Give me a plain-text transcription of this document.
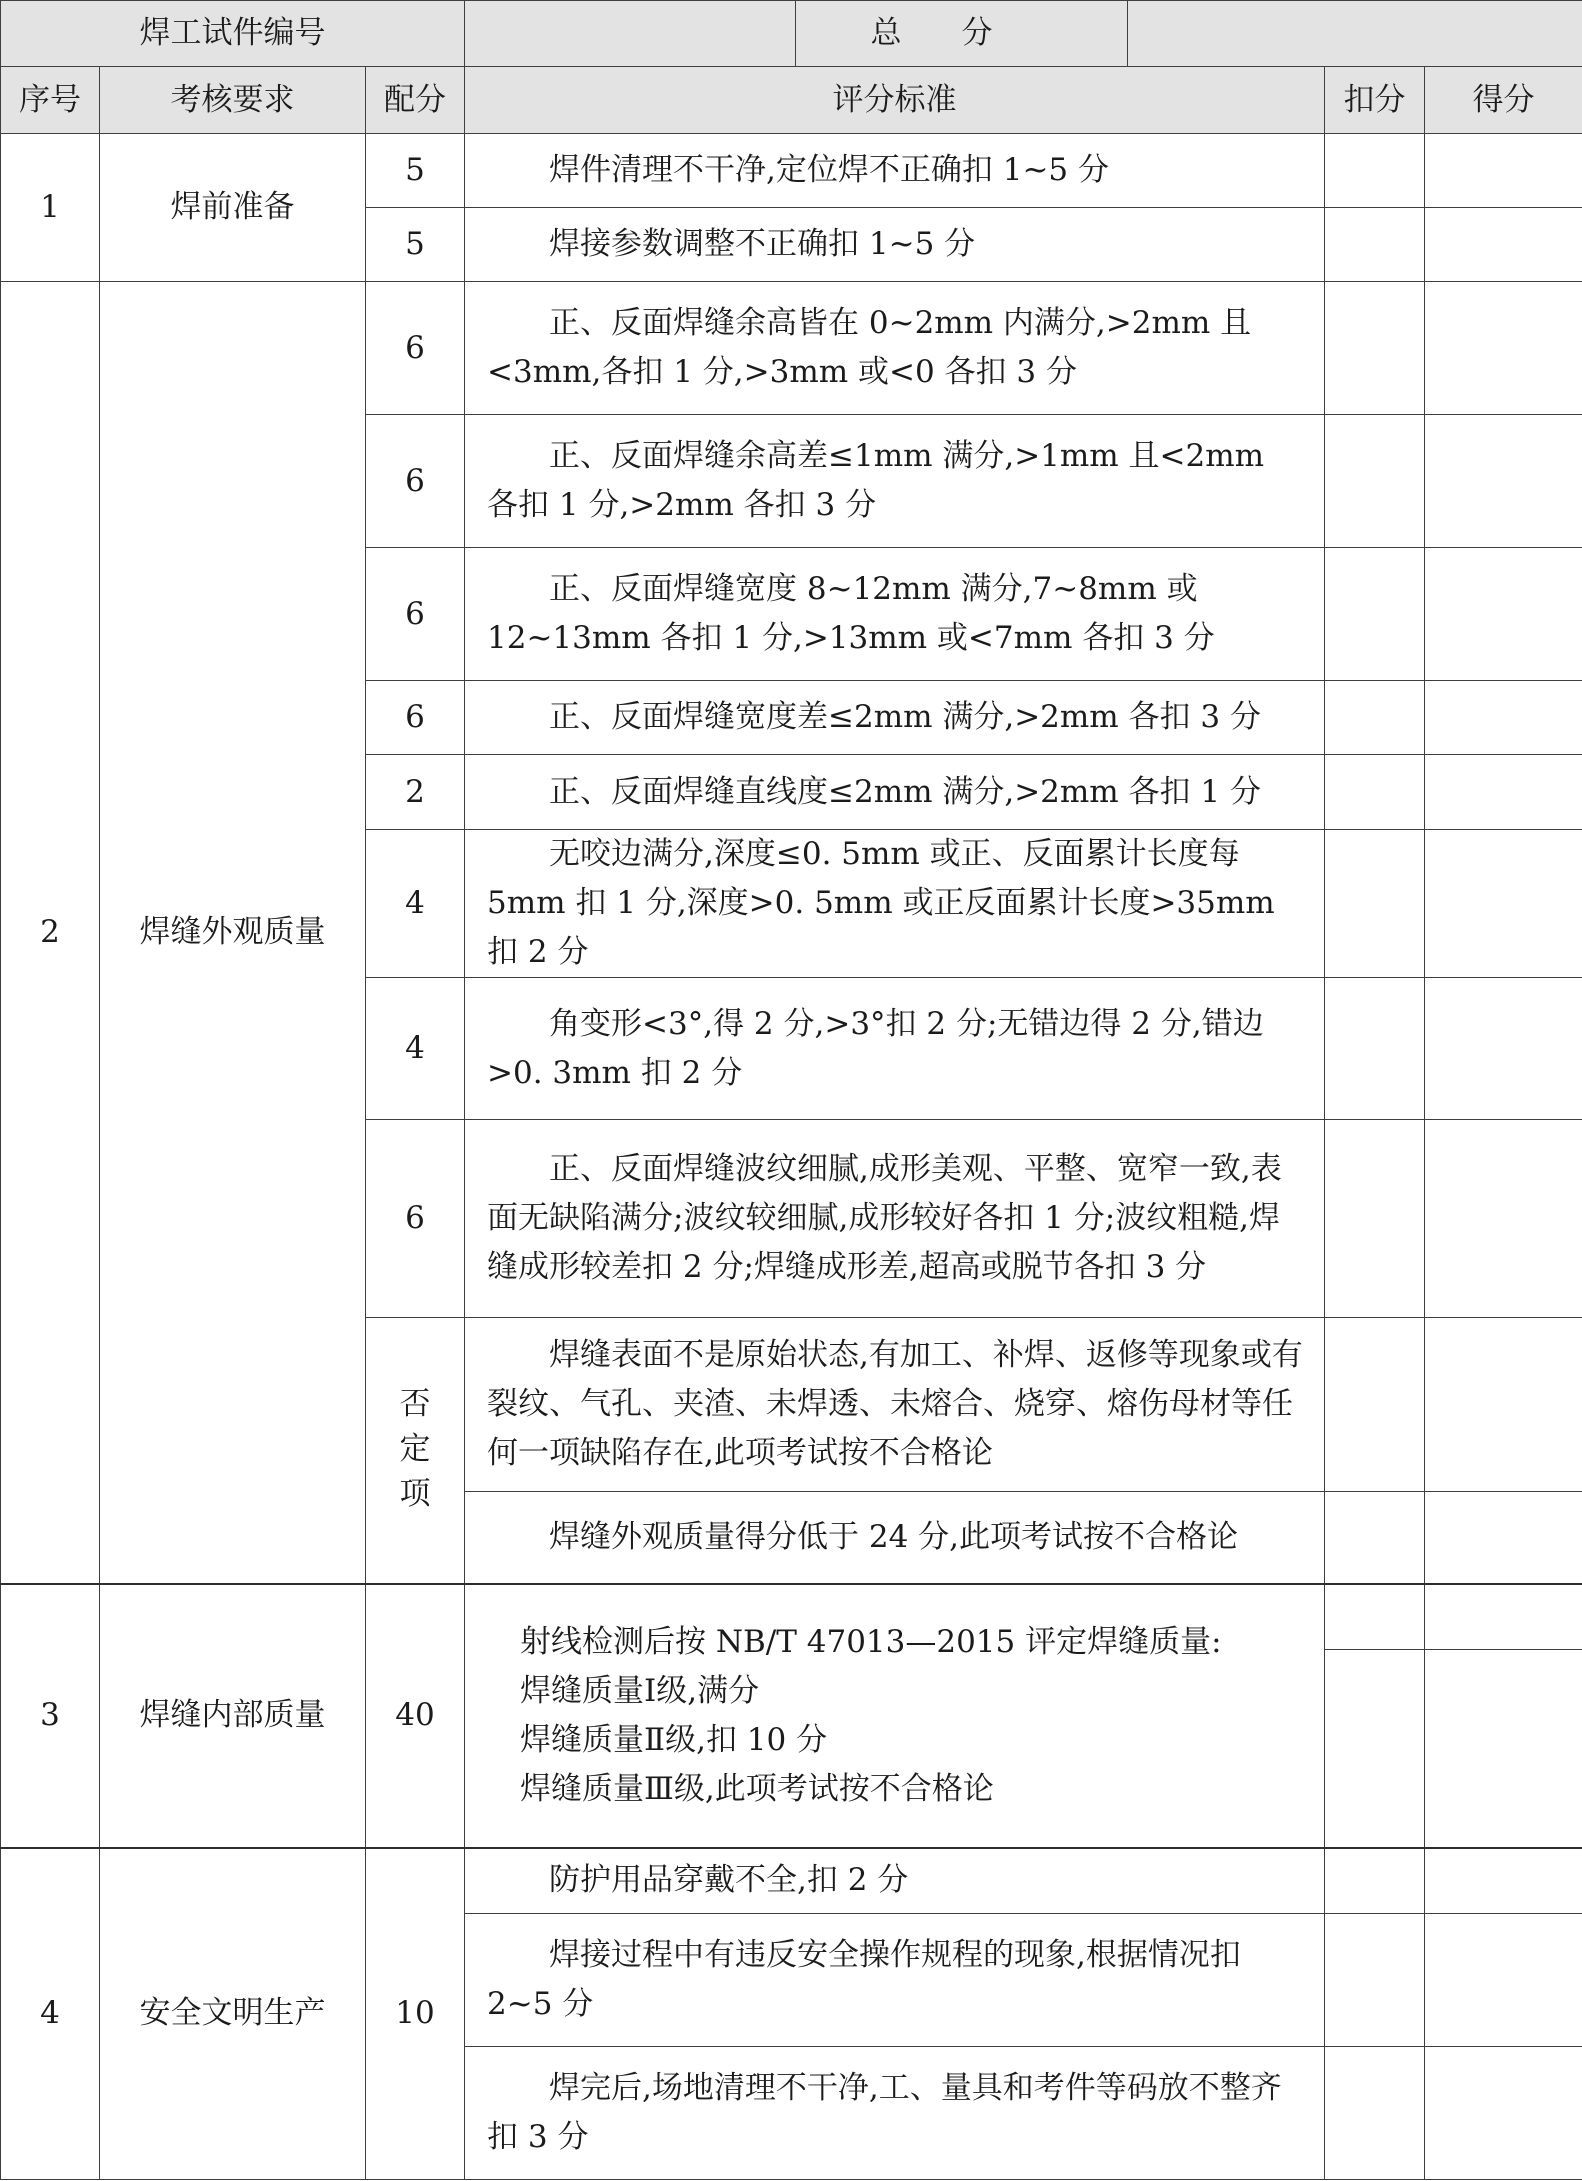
焊工试件编号				总分			
序号	考核要求	配分	评分标准			扣分	得分
1	焊前准备	5	焊件清理不干净,定位焊不正确扣 1~5 分				
		5	焊接参数调整不正确扣 1~5 分				
2	焊缝外观质量	6	正、反面焊缝余高皆在 0~2mm 内满分,>2mm 且<3mm,各扣 1 分,>3mm 或<0 各扣 3 分				
		6	正、反面焊缝余高差≤1mm 满分,>1mm 且<2mm 各扣 1 分,>2mm 各扣 3 分				
		6	正、反面焊缝宽度 8~12mm 满分,7~8mm 或 12~13mm 各扣 1 分,>13mm 或<7mm 各扣 3 分				
		6	正、反面焊缝宽度差≤2mm 满分,>2mm 各扣 3 分				
		2	正、反面焊缝直线度≤2mm 满分,>2mm 各扣 1 分				
		4	无咬边满分,深度≤0. 5mm 或正、反面累计长度每 5mm 扣 1 分,深度>0. 5mm 或正反面累计长度>35mm 扣 2 分				
		4	角变形<3°,得 2 分,>3°扣 2 分;无错边得 2 分,错边>0. 3mm 扣 2 分				
		6	正、反面焊缝波纹细腻,成形美观、平整、宽窄一致,表面无缺陷满分;波纹较细腻,成形较好各扣 1 分;波纹粗糙,焊缝成形较差扣 2 分;焊缝成形差,超高或脱节各扣 3 分				
		否定项	焊缝表面不是原始状态,有加工、补焊、返修等现象或有裂纹、气孔、夹渣、未焊透、未熔合、烧穿、熔伤母材等任何一项缺陷存在,此项考试按不合格论				
			焊缝外观质量得分低于 24 分,此项考试按不合格论				
3	焊缝内部质量	40	射线检测后按 NB/T 47013—2015 评定焊缝质量:
焊缝质量Ⅰ级,满分
焊缝质量Ⅱ级,扣 10 分
焊缝质量Ⅲ级,此项考试按不合格论				

4	安全文明生产	10	防护用品穿戴不全,扣 2 分				
			焊接过程中有违反安全操作规程的现象,根据情况扣 2~5 分				
			焊完后,场地清理不干净,工、量具和考件等码放不整齐扣 3 分				
